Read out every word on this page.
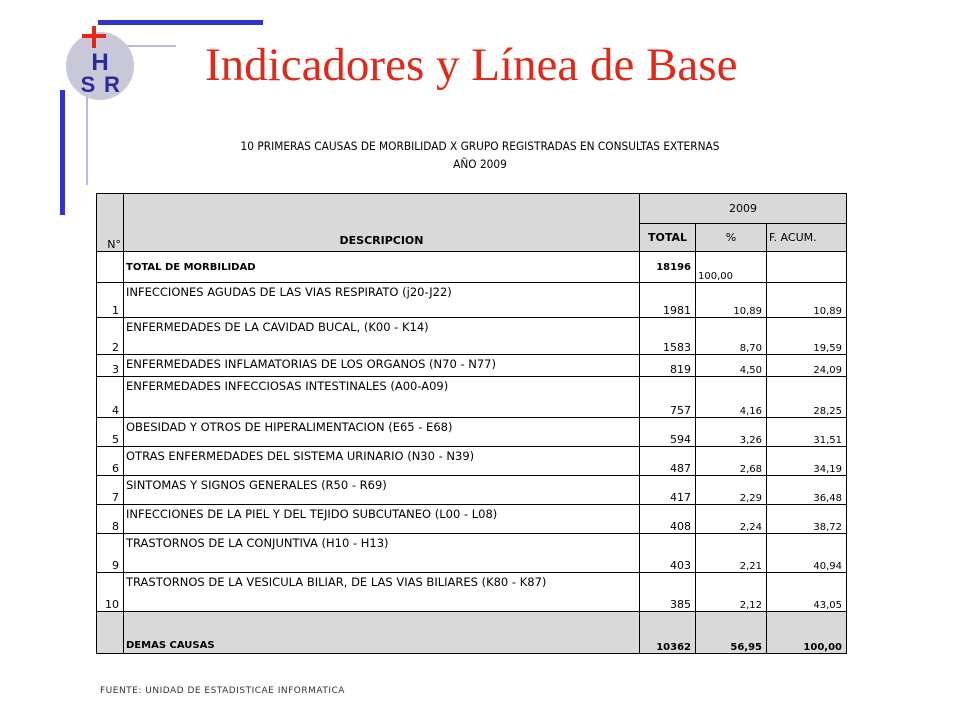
H
S R Indicadores y Línea de Base
10 PRIMERAS CAUSAS DE MORBILIDAD X GRUPO REGISTRADAS EN CONSULTAS EXTERNAS
AÑO 2009
N°	DESCRIPCION	2009		
		TOTAL	%	F. ACUM.
	TOTAL DE MORBILIDAD	18196	100,00	
1	INFECCIONES AGUDAS DE LAS VIAS RESPIRATO (j20-J22)	1981	10,89	10,89
2	ENFERMEDADES DE LA CAVIDAD BUCAL, (K00 - K14)	1583	8,70	19,59
3	ENFERMEDADES INFLAMATORIAS DE LOS ORGANOS (N70 - N77)	819	4,50	24,09
4	ENFERMEDADES INFECCIOSAS INTESTINALES (A00-A09)	757	4,16	28,25
5	OBESIDAD Y OTROS DE HIPERALIMENTACION (E65 - E68)	594	3,26	31,51
6	OTRAS ENFERMEDADES DEL SISTEMA URINARIO (N30 - N39)	487	2,68	34,19
7	SINTOMAS Y SIGNOS GENERALES (R50 - R69)	417	2,29	36,48
8	INFECCIONES DE LA PIEL Y DEL TEJIDO SUBCUTANEO (L00 - L08)	408	2,24	38,72
9	TRASTORNOS DE LA CONJUNTIVA (H10 - H13)	403	2,21	40,94
10	TRASTORNOS DE LA VESICULA BILIAR, DE LAS VIAS BILIARES (K80 - K87)	385	2,12	43,05
	DEMAS CAUSAS	10362	56,95	100,00
FUENTE: UNIDAD DE ESTADISTICAE INFORMATICA
